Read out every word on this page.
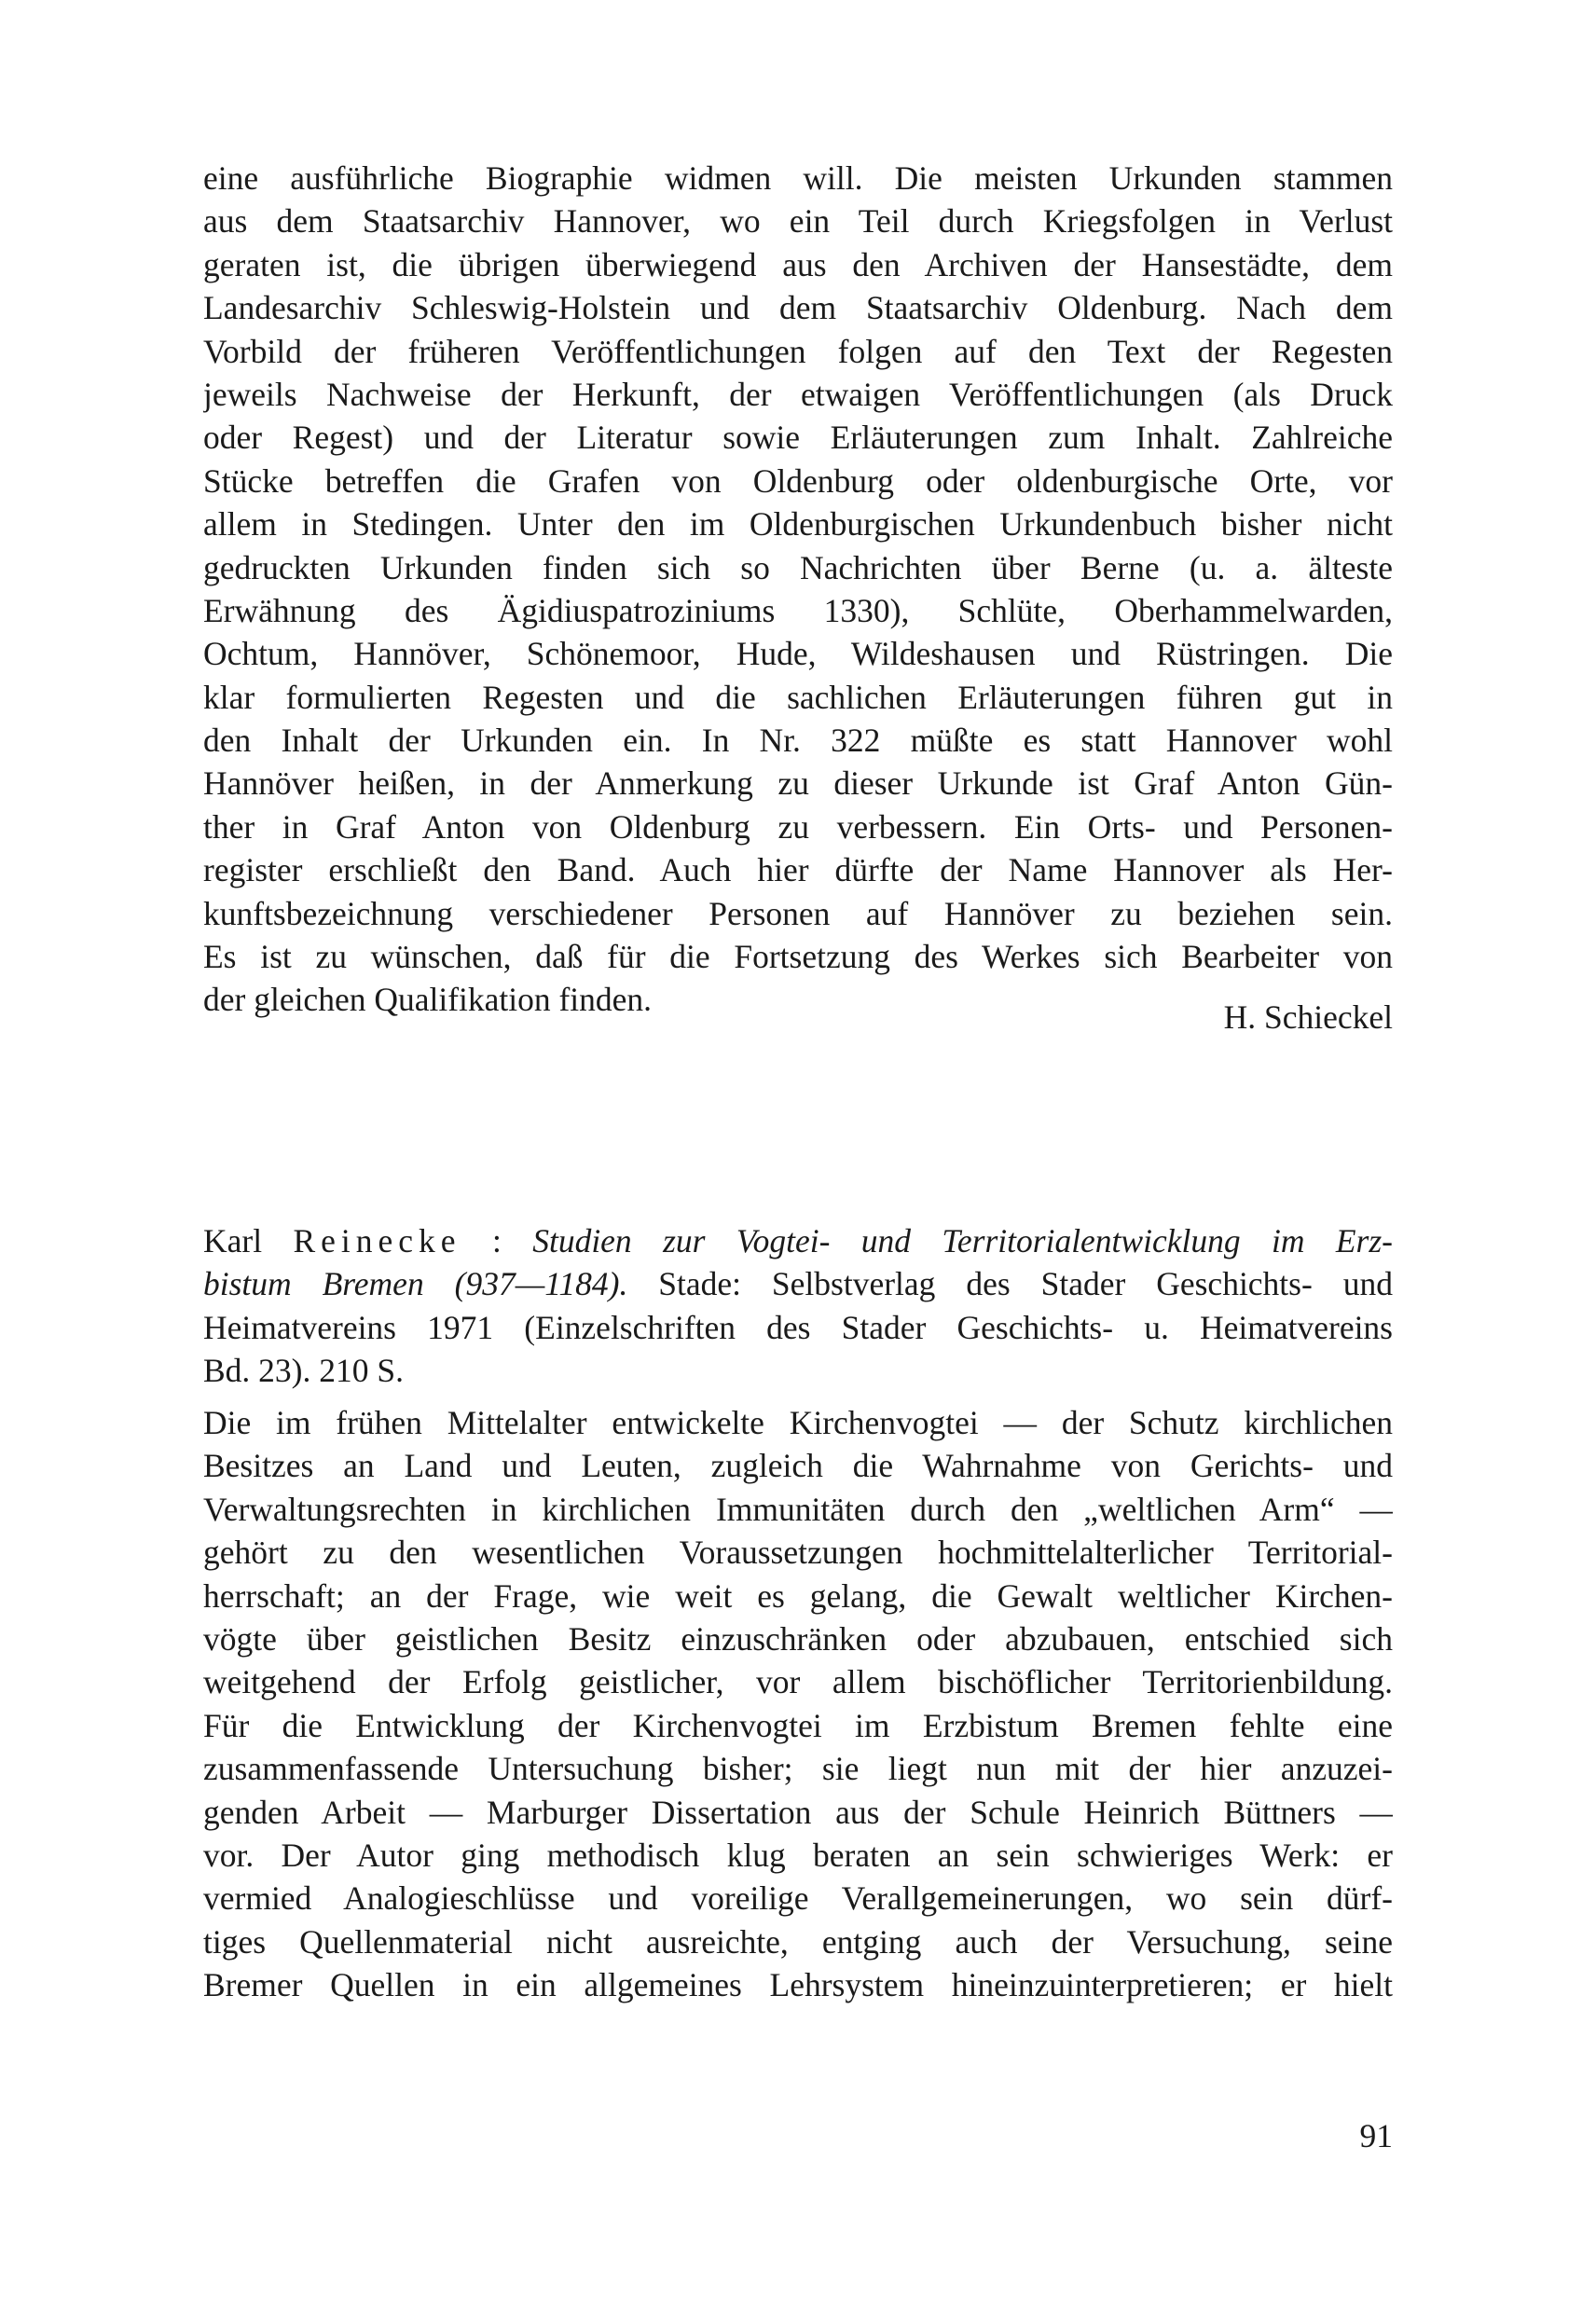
eine ausführliche Biographie widmen will. Die meisten Urkunden stammen
aus dem Staatsarchiv Hannover, wo ein Teil durch Kriegsfolgen in Verlust
geraten ist, die übrigen überwiegend aus den Archiven der Hansestädte, dem
Landesarchiv Schleswig-Holstein und dem Staatsarchiv Oldenburg. Nach dem
Vorbild der früheren Veröffentlichungen folgen auf den Text der Regesten
jeweils Nachweise der Herkunft, der etwaigen Veröffentlichungen (als Druck
oder Regest) und der Literatur sowie Erläuterungen zum Inhalt. Zahlreiche
Stücke betreffen die Grafen von Oldenburg oder oldenburgische Orte, vor
allem in Stedingen. Unter den im Oldenburgischen Urkundenbuch bisher nicht
gedruckten Urkunden finden sich so Nachrichten über Berne (u. a. älteste
Erwähnung des Ägidiuspatroziniums 1330), Schlüte, Oberhammelwarden,
Ochtum, Hannöver, Schönemoor, Hude, Wildeshausen und Rüstringen. Die
klar formulierten Regesten und die sachlichen Erläuterungen führen gut in
den Inhalt der Urkunden ein. In Nr. 322 müßte es statt Hannover wohl
Hannöver heißen, in der Anmerkung zu dieser Urkunde ist Graf Anton Gün-
ther in Graf Anton von Oldenburg zu verbessern. Ein Orts- und Personen-
register erschließt den Band. Auch hier dürfte der Name Hannover als Her-
kunftsbezeichnung verschiedener Personen auf Hannöver zu beziehen sein.
Es ist zu wünschen, daß für die Fortsetzung des Werkes sich Bearbeiter von
der gleichen Qualifikation finden.	H. Schieckel
Karl Reinecke : Studien zur Vogtei- und Territorialentwicklung im Erz-
bistum Bremen (937—1184). Stade: Selbstverlag des Stader Geschichts- und
Heimatvereins 1971 (Einzelschriften des Stader Geschichts- u. Heimatvereins
Bd. 23). 210 S.
Die im frühen Mittelalter entwickelte Kirchenvogtei — der Schutz kirchlichen
Besitzes an Land und Leuten, zugleich die Wahrnahme von Gerichts- und
Verwaltungsrechten in kirchlichen Immunitäten durch den „weltlichen Arm“ —
gehört zu den wesentlichen Voraussetzungen hochmittelalterlicher Territorial-
herrschaft; an der Frage, wie weit es gelang, die Gewalt weltlicher Kirchen-
vögte über geistlichen Besitz einzuschränken oder abzubauen, entschied sich
weitgehend der Erfolg geistlicher, vor allem bischöflicher Territorienbildung.
Für die Entwicklung der Kirchenvogtei im Erzbistum Bremen fehlte eine
zusammenfassende Untersuchung bisher; sie liegt nun mit der hier anzuzei-
genden Arbeit — Marburger Dissertation aus der Schule Heinrich Büttners —
vor. Der Autor ging methodisch klug beraten an sein schwieriges Werk: er
vermied Analogieschlüsse und voreilige Verallgemeinerungen, wo sein dürf-
tiges Quellenmaterial nicht ausreichte, entging auch der Versuchung, seine
Bremer Quellen in ein allgemeines Lehrsystem hineinzuinterpretieren; er hielt
91
